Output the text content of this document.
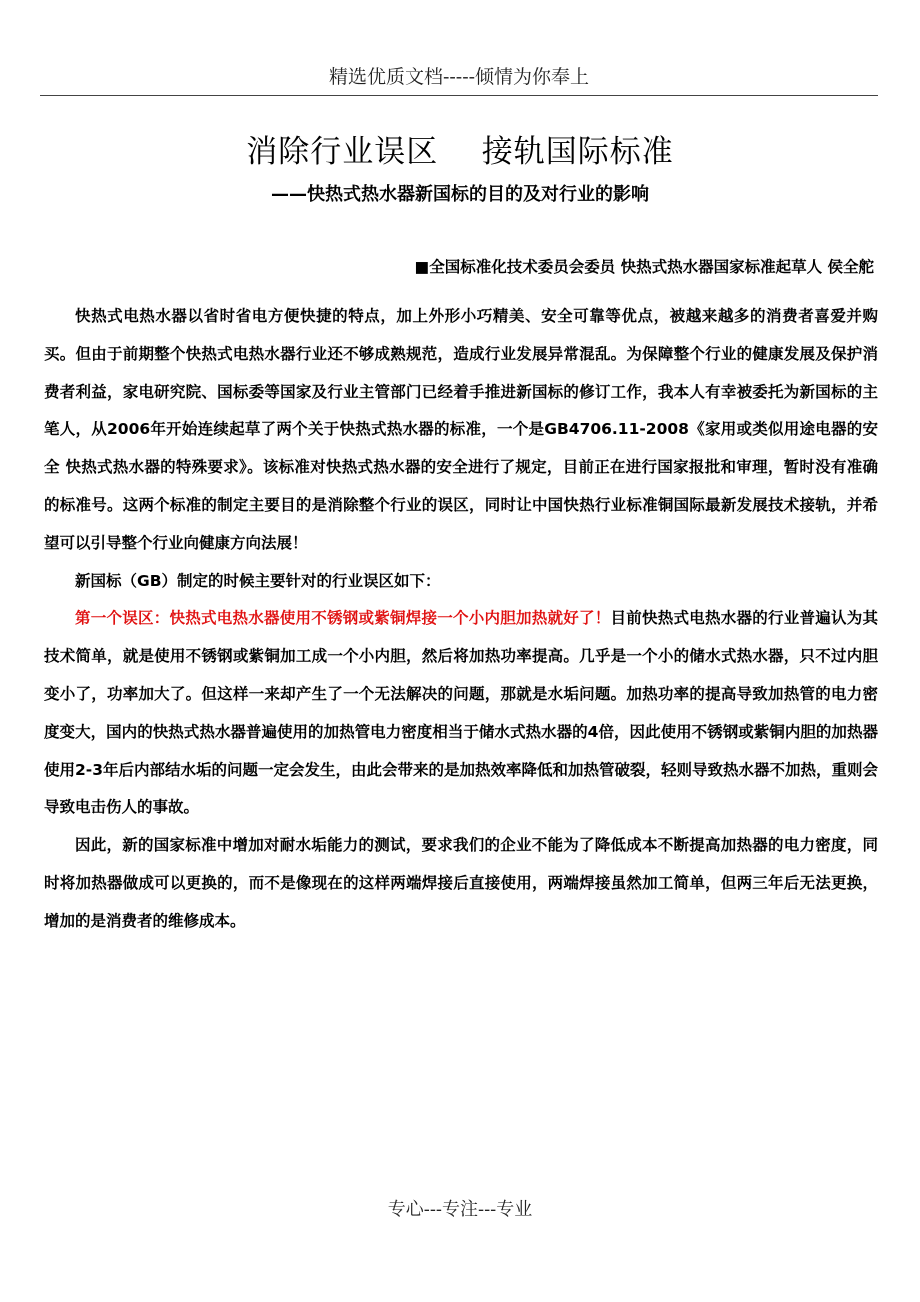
精选优质文档-----倾情为你奉上
消除行业误区    接轨国际标准
——快热式热水器新国标的目的及对行业的影响
■全国标准化技术委员会委员 快热式热水器国家标准起草人 侯全舵

快热式电热水器以省时省电方便快捷的特点，加上外形小巧精美、安全可靠等优点，被越来越多的消费者喜爱并购买。但由于前期整个快热式电热水器行业还不够成熟规范，造成行业发展异常混乱。为保障整个行业的健康发展及保护消费者利益，家电研究院、国标委等国家及行业主管部门已经着手推进新国标的修订工作，我本人有幸被委托为新国标的主笔人，从2006年开始连续起草了两个关于快热式热水器的标准，一个是GB4706.11-2008《家用或类似用途电器的安全 快热式热水器的特殊要求》。该标准对快热式热水器的安全进行了规定，目前正在进行国家报批和审理，暂时没有准确的标准号。这两个标准的制定主要目的是消除整个行业的误区，同时让中国快热行业标准铜国际最新发展技术接轨，并希望可以引导整个行业向健康方向法展！

新国标（GB）制定的时候主要针对的行业误区如下：

第一个误区：快热式电热水器使用不锈钢或紫铜焊接一个小内胆加热就好了！目前快热式电热水器的行业普遍认为其技术简单，就是使用不锈钢或紫铜加工成一个小内胆，然后将加热功率提高。几乎是一个小的储水式热水器，只不过内胆变小了，功率加大了。但这样一来却产生了一个无法解决的问题，那就是水垢问题。加热功率的提高导致加热管的电力密度变大，国内的快热式热水器普遍使用的加热管电力密度相当于储水式热水器的4倍，因此使用不锈钢或紫铜内胆的加热器使用2-3年后内部结水垢的问题一定会发生，由此会带来的是加热效率降低和加热管破裂，轻则导致热水器不加热，重则会导致电击伤人的事故。

因此，新的国家标准中增加对耐水垢能力的测试，要求我们的企业不能为了降低成本不断提高加热器的电力密度，同时将加热器做成可以更换的，而不是像现在的这样两端焊接后直接使用，两端焊接虽然加工简单，但两三年后无法更换，增加的是消费者的维修成本。

专心---专注---专业
